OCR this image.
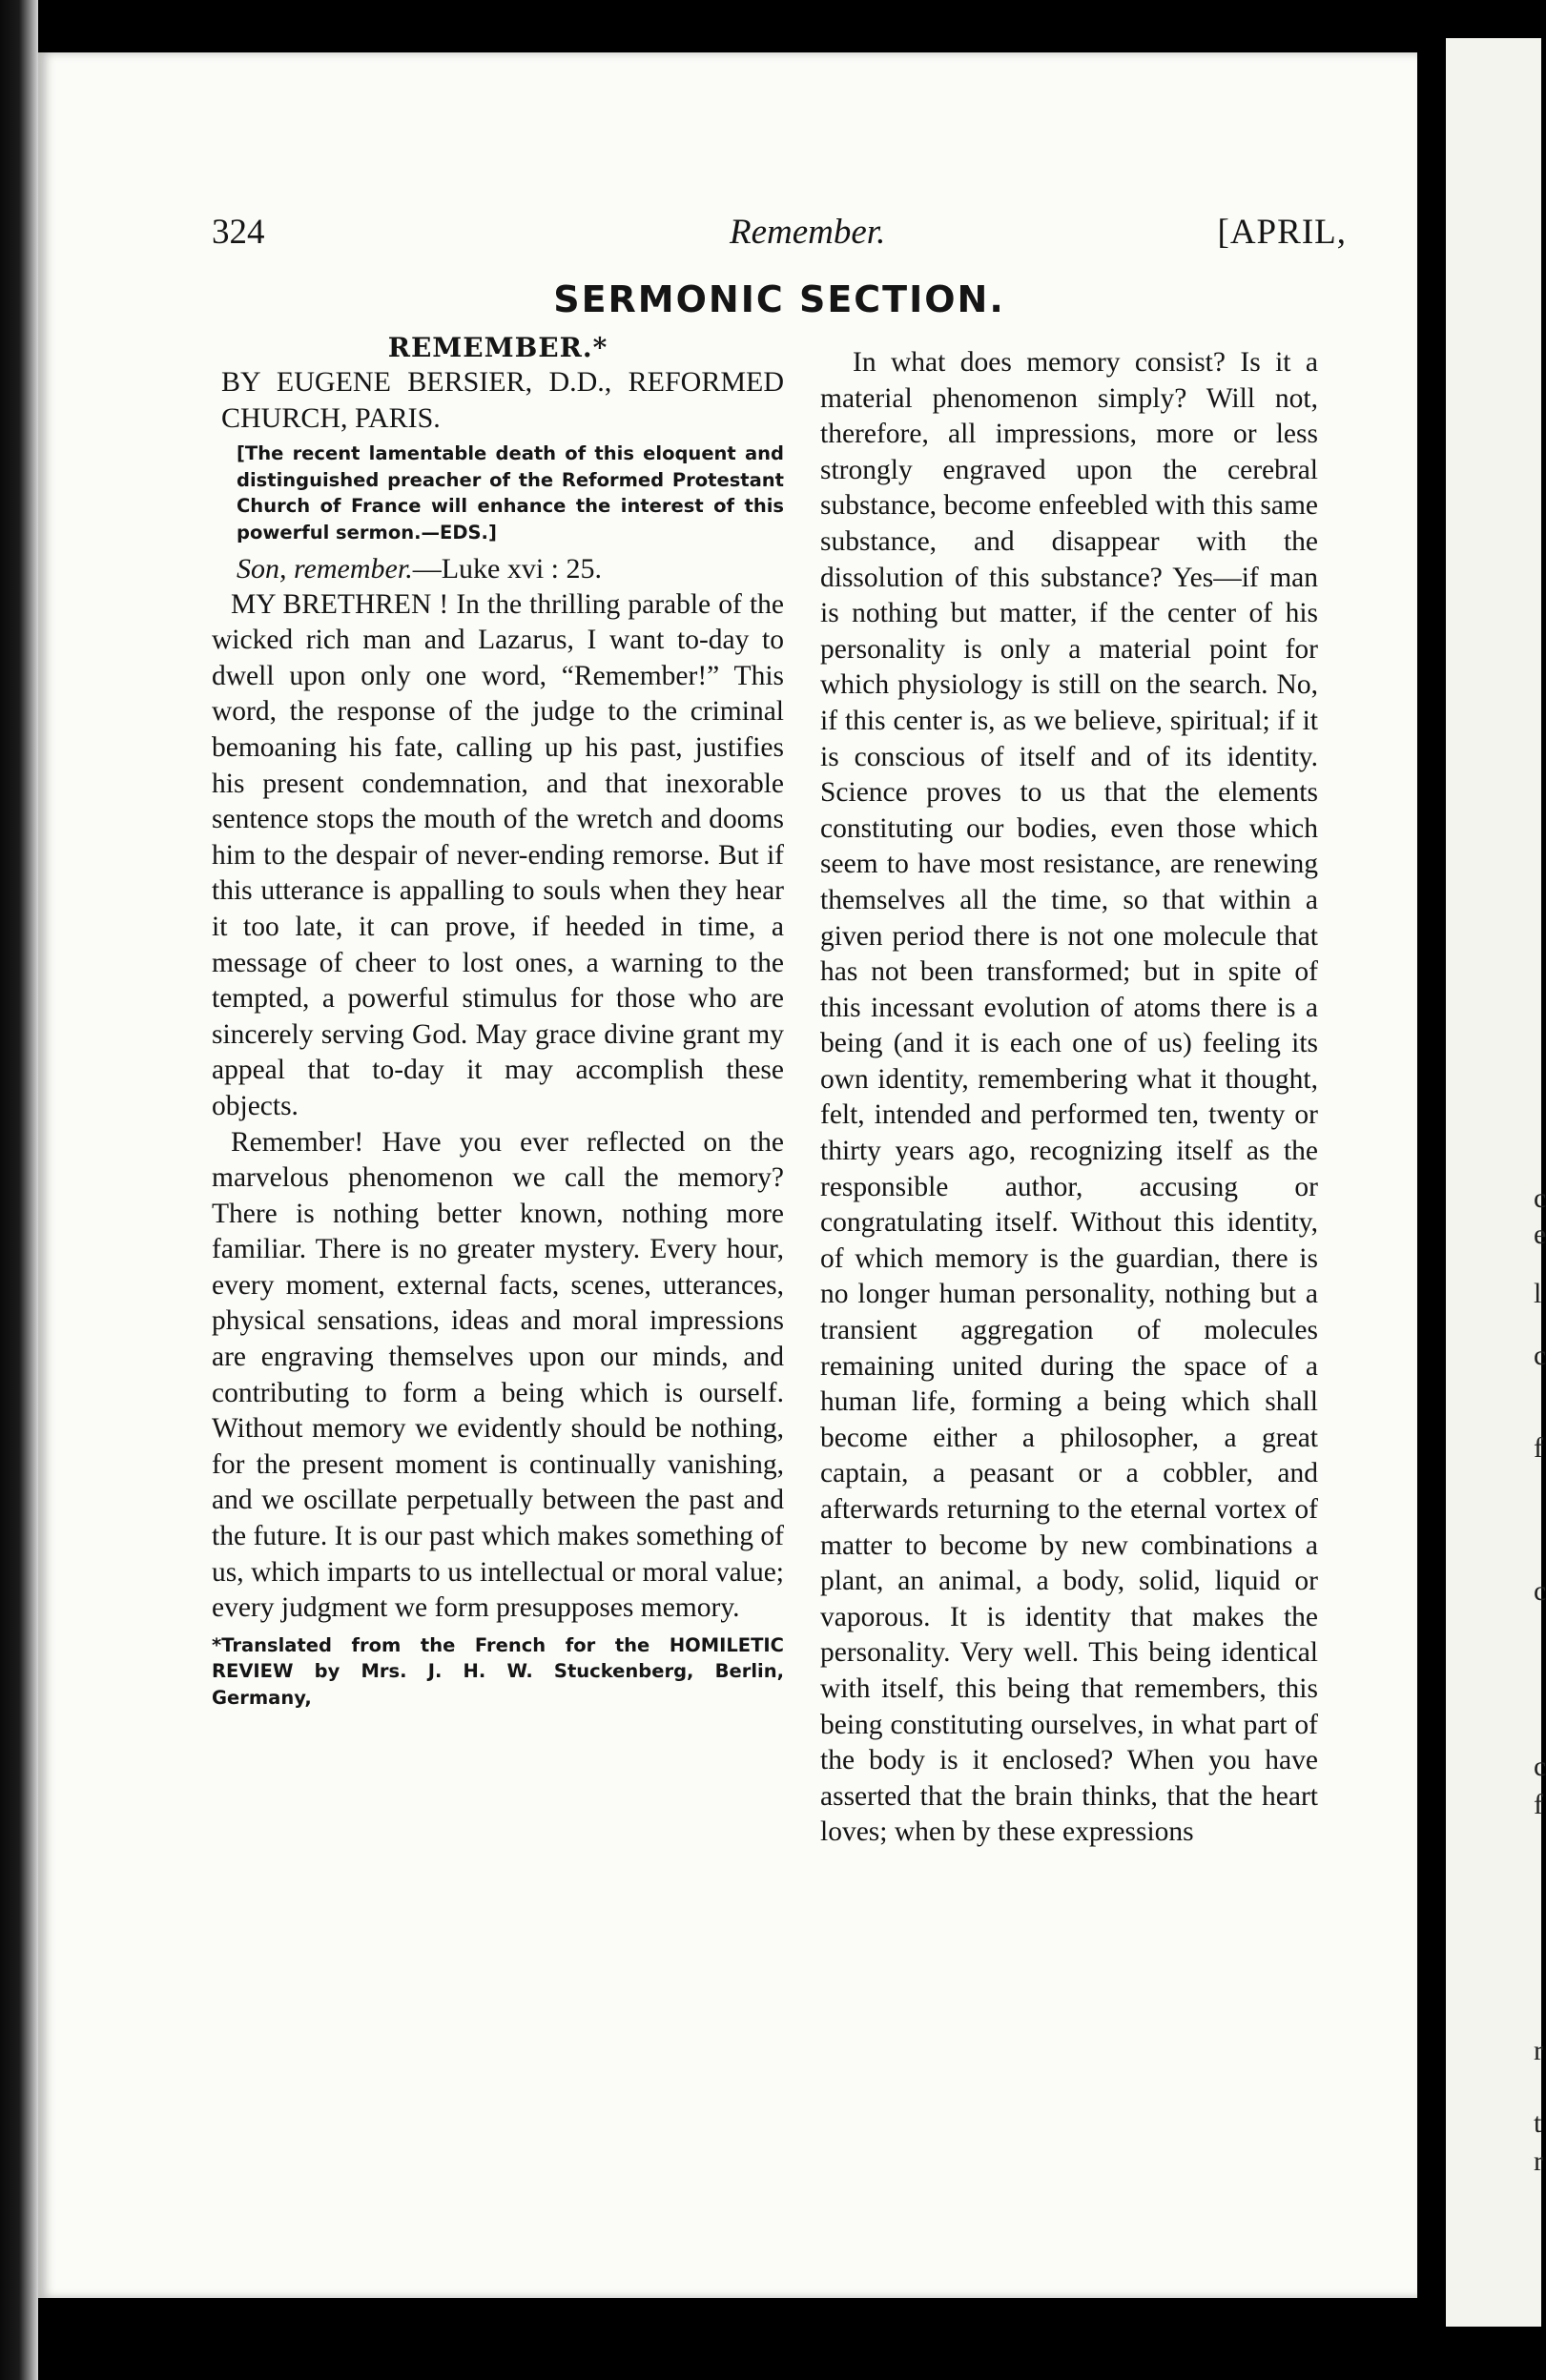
c
e
l
c
f
c
c
f
r
t
r
324	Remember.	[APRIL,
SERMONIC SECTION.

REMEMBER.*

BY EUGENE BERSIER, D.D., REFORMED CHURCH, PARIS.

[The recent lamentable death of this eloquent and distinguished preacher of the Reformed Protestant Church of France will enhance the interest of this powerful sermon.—EDS.]

Son, remember.—Luke xvi : 25.

MY BRETHREN ! In the thrilling parable of the wicked rich man and Lazarus, I want to-day to dwell upon only one word, “Remember!” This word, the response of the judge to the criminal bemoaning his fate, calling up his past, justifies his present condemnation, and that inexorable sentence stops the mouth of the wretch and dooms him to the despair of never-ending remorse. But if this utterance is appalling to souls when they hear it too late, it can prove, if heeded in time, a message of cheer to lost ones, a warning to the tempted, a powerful stimulus for those who are sincerely serving God. May grace divine grant my appeal that to-day it may accomplish these objects.

Remember! Have you ever reflected on the marvelous phenomenon we call the memory? There is nothing better known, nothing more familiar. There is no greater mystery. Every hour, every moment, external facts, scenes, utterances, physical sensations, ideas and moral impressions are engraving themselves upon our minds, and contributing to form a being which is ourself. Without memory we evidently should be nothing, for the present moment is continually vanishing, and we oscillate perpetually between the past and the future. It is our past which makes something of us, which imparts to us intellectual or moral value; every judgment we form presupposes memory.

*Translated from the French for the HOMILETIC REVIEW by Mrs. J. H. W. Stuckenberg, Berlin, Germany,

In what does memory consist? Is it a material phenomenon simply? Will not, therefore, all impressions, more or less strongly engraved upon the cerebral substance, become enfeebled with this same substance, and disappear with the dissolution of this substance? Yes—if man is nothing but matter, if the center of his personality is only a material point for which physiology is still on the search. No, if this center is, as we believe, spiritual; if it is conscious of itself and of its identity. Science proves to us that the elements constituting our bodies, even those which seem to have most resistance, are renewing themselves all the time, so that within a given period there is not one molecule that has not been transformed; but in spite of this incessant evolution of atoms there is a being (and it is each one of us) feeling its own identity, remembering what it thought, felt, intended and performed ten, twenty or thirty years ago, recognizing itself as the responsible author, accusing or congratulating itself. Without this identity, of which memory is the guardian, there is no longer human personality, nothing but a transient aggregation of molecules remaining united during the space of a human life, forming a being which shall become either a philosopher, a great captain, a peasant or a cobbler, and afterwards returning to the eternal vortex of matter to become by new combinations a plant, an animal, a body, solid, liquid or vaporous. It is identity that makes the personality. Very well. This being identical with itself, this being that remembers, this being constituting ourselves, in what part of the body is it enclosed? When you have asserted that the brain thinks, that the heart loves; when by these expressions
